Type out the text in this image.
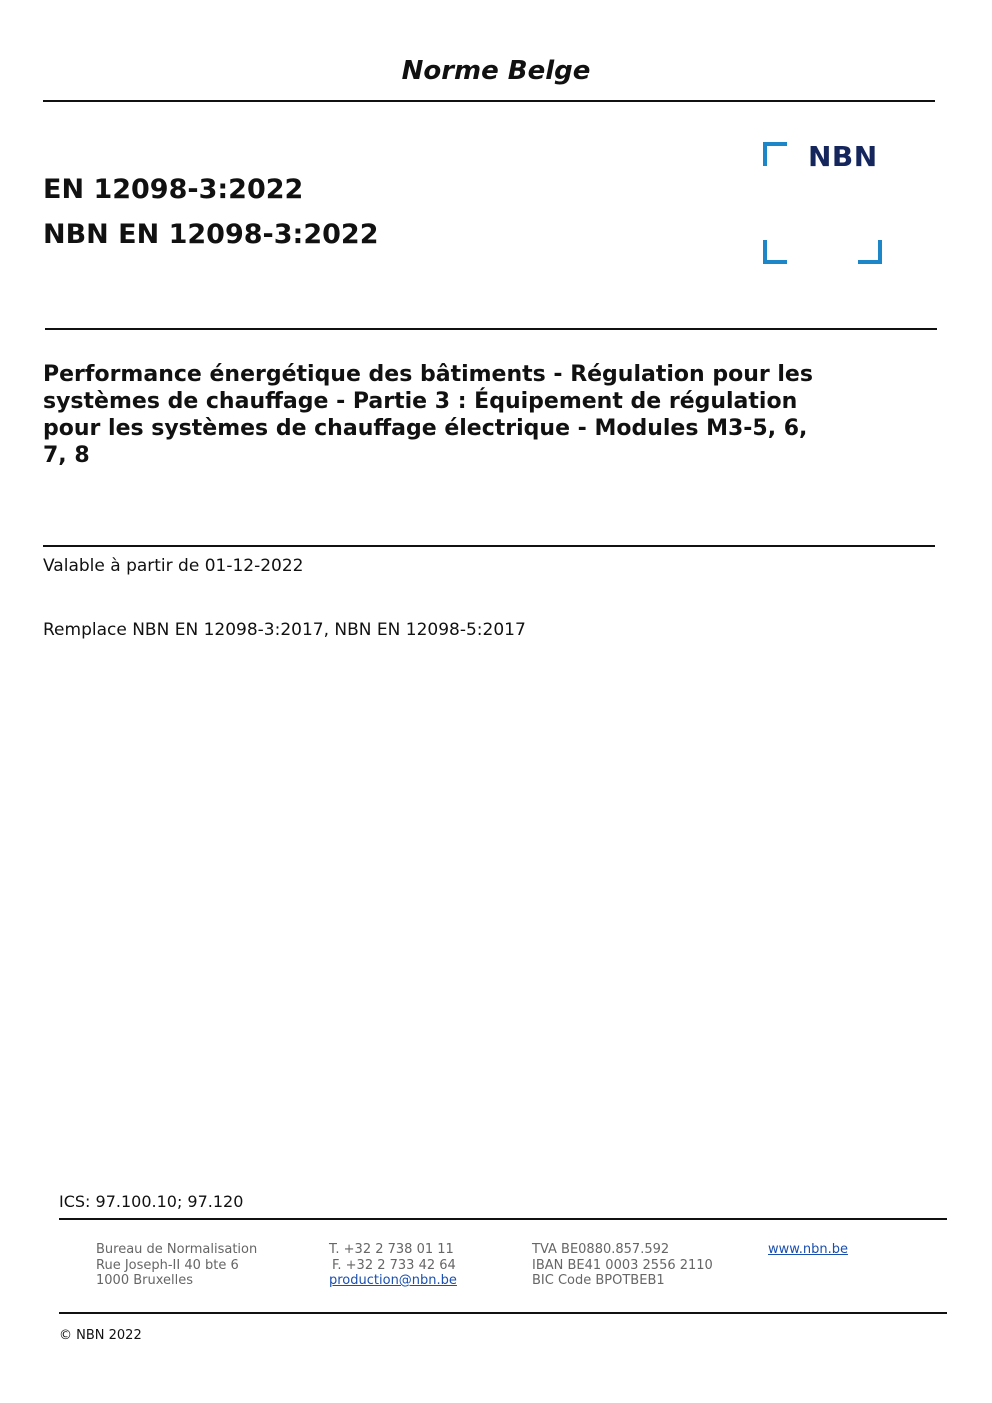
Norme Belge
EN 12098-3:2022
NBN EN 12098-3:2022
NBN
Performance énergétique des bâtiments - Régulation pour les
systèmes de chauffage - Partie 3 : Équipement de régulation
pour les systèmes de chauffage électrique - Modules M3-5, 6,
7, 8
Valable à partir de 01-12-2022
Remplace NBN EN 12098-3:2017, NBN EN 12098-5:2017
ICS: 97.100.10; 97.120
Bureau de Normalisation
Rue Joseph-II 40 bte 6
1000 Bruxelles
T. +32 2 738 01 11
F. +32 2 733 42 64
production@nbn.be
TVA BE0880.857.592
IBAN BE41 0003 2556 2110
BIC Code BPOTBEB1
www.nbn.be
© NBN 2022
